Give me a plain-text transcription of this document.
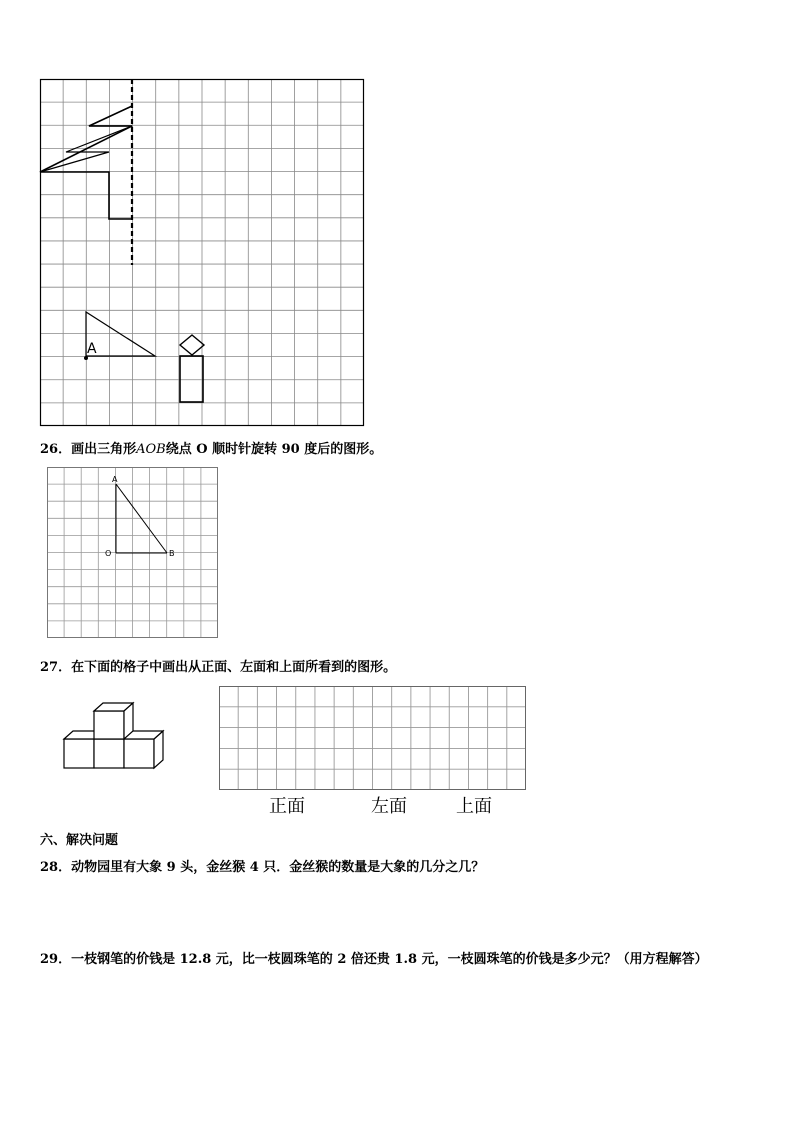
A
26．画出三角形AOB绕点 O 顺时针旋转 90 度后的图形。
A
O	B
27．在下面的格子中画出从正面、左面和上面所看到的图形。
正面	左面	上面
六、解决问题
28．动物园里有大象 9 头，金丝猴 4 只．金丝猴的数量是大象的几分之几？
29．一枝钢笔的价钱是 12.8 元，比一枝圆珠笔的 2 倍还贵 1.8 元，一枝圆珠笔的价钱是多少元？（用方程解答）
